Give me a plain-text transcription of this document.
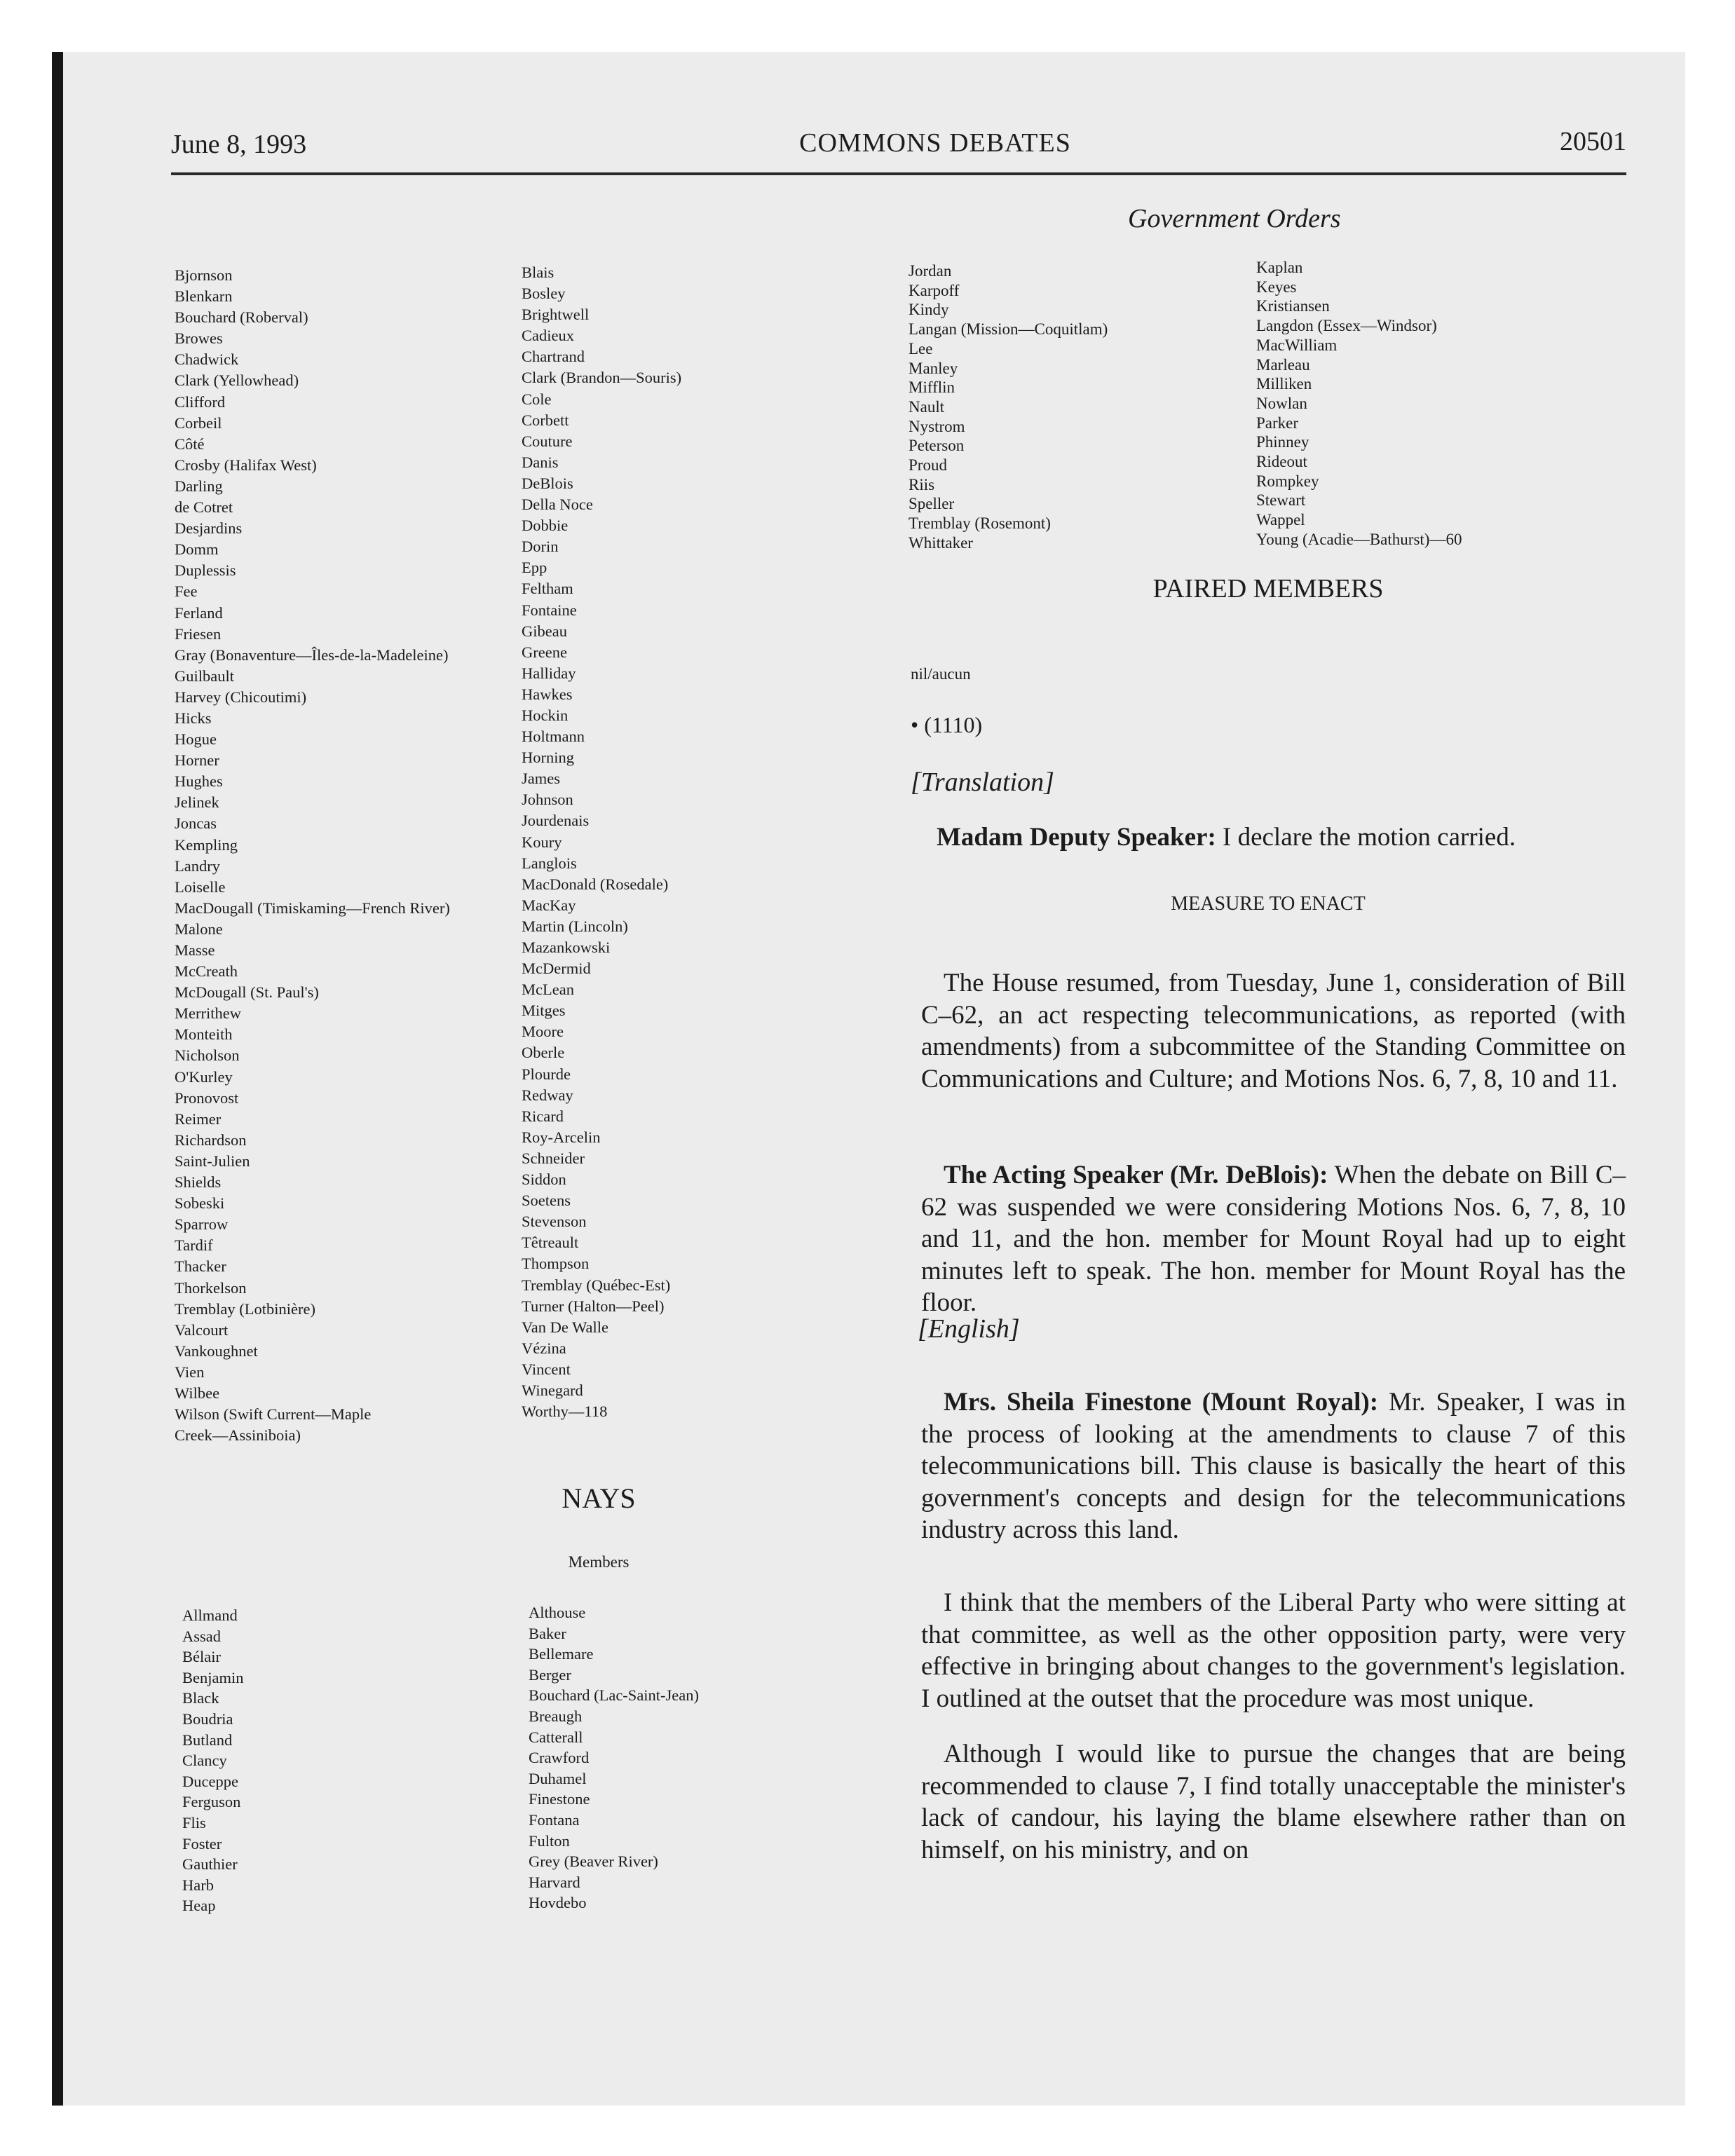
June 8, 1993	COMMONS DEBATES	20501
Government Orders
Bjornson
Blenkarn
Bouchard (Roberval)
Browes
Chadwick
Clark (Yellowhead)
Clifford
Corbeil
Côté
Crosby (Halifax West)
Darling
de Cotret
Desjardins
Domm
Duplessis
Fee
Ferland
Friesen
Gray (Bonaventure—Îles-de-la-Madeleine)
Guilbault
Harvey (Chicoutimi)
Hicks
Hogue
Horner
Hughes
Jelinek
Joncas
Kempling
Landry
Loiselle
MacDougall (Timiskaming—French River)
Malone
Masse
McCreath
McDougall (St. Paul's)
Merrithew
Monteith
Nicholson
O'Kurley
Pronovost
Reimer
Richardson
Saint-Julien
Shields
Sobeski
Sparrow
Tardif
Thacker
Thorkelson
Tremblay (Lotbinière)
Valcourt
Vankoughnet
Vien
Wilbee
Wilson (Swift Current—Maple
Creek—Assiniboia)
Blais
Bosley
Brightwell
Cadieux
Chartrand
Clark (Brandon—Souris)
Cole
Corbett
Couture
Danis
DeBlois
Della Noce
Dobbie
Dorin
Epp
Feltham
Fontaine
Gibeau
Greene
Halliday
Hawkes
Hockin
Holtmann
Horning
James
Johnson
Jourdenais
Koury
Langlois
MacDonald (Rosedale)
MacKay
Martin (Lincoln)
Mazankowski
McDermid
McLean
Mitges
Moore
Oberle
Plourde
Redway
Ricard
Roy-Arcelin
Schneider
Siddon
Soetens
Stevenson
Têtreault
Thompson
Tremblay (Québec-Est)
Turner (Halton—Peel)
Van De Walle
Vézina
Vincent
Winegard
Worthy—118
Jordan
Karpoff
Kindy
Langan (Mission—Coquitlam)
Lee
Manley
Mifflin
Nault
Nystrom
Peterson
Proud
Riis
Speller
Tremblay (Rosemont)
Whittaker
Kaplan
Keyes
Kristiansen
Langdon (Essex—Windsor)
MacWilliam
Marleau
Milliken
Nowlan
Parker
Phinney
Rideout
Rompkey
Stewart
Wappel
Young (Acadie—Bathurst)—60
PAIRED MEMBERS
nil/aucun
• (1110)
[Translation]
Madam Deputy Speaker: I declare the motion carried.
MEASURE TO ENACT
The House resumed, from Tuesday, June 1, consideration of Bill C–62, an act respecting telecommunications, as reported (with amendments) from a subcommittee of the Standing Committee on Communications and Culture; and Motions Nos. 6, 7, 8, 10 and 11.
The Acting Speaker (Mr. DeBlois): When the debate on Bill C–62 was suspended we were considering Motions Nos. 6, 7, 8, 10 and 11, and the hon. member for Mount Royal had up to eight minutes left to speak. The hon. member for Mount Royal has the floor.
[English]
Mrs. Sheila Finestone (Mount Royal): Mr. Speaker, I was in the process of looking at the amendments to clause 7 of this telecommunications bill. This clause is basically the heart of this government's concepts and design for the telecommunications industry across this land.
I think that the members of the Liberal Party who were sitting at that committee, as well as the other opposition party, were very effective in bringing about changes to the government's legislation. I outlined at the outset that the procedure was most unique.
Although I would like to pursue the changes that are being recommended to clause 7, I find totally unacceptable the minister's lack of candour, his laying the blame elsewhere rather than on himself, on his ministry, and on
NAYS
Members
Allmand
Assad
Bélair
Benjamin
Black
Boudria
Butland
Clancy
Duceppe
Ferguson
Flis
Foster
Gauthier
Harb
Heap
Althouse
Baker
Bellemare
Berger
Bouchard (Lac-Saint-Jean)
Breaugh
Catterall
Crawford
Duhamel
Finestone
Fontana
Fulton
Grey (Beaver River)
Harvard
Hovdebo
